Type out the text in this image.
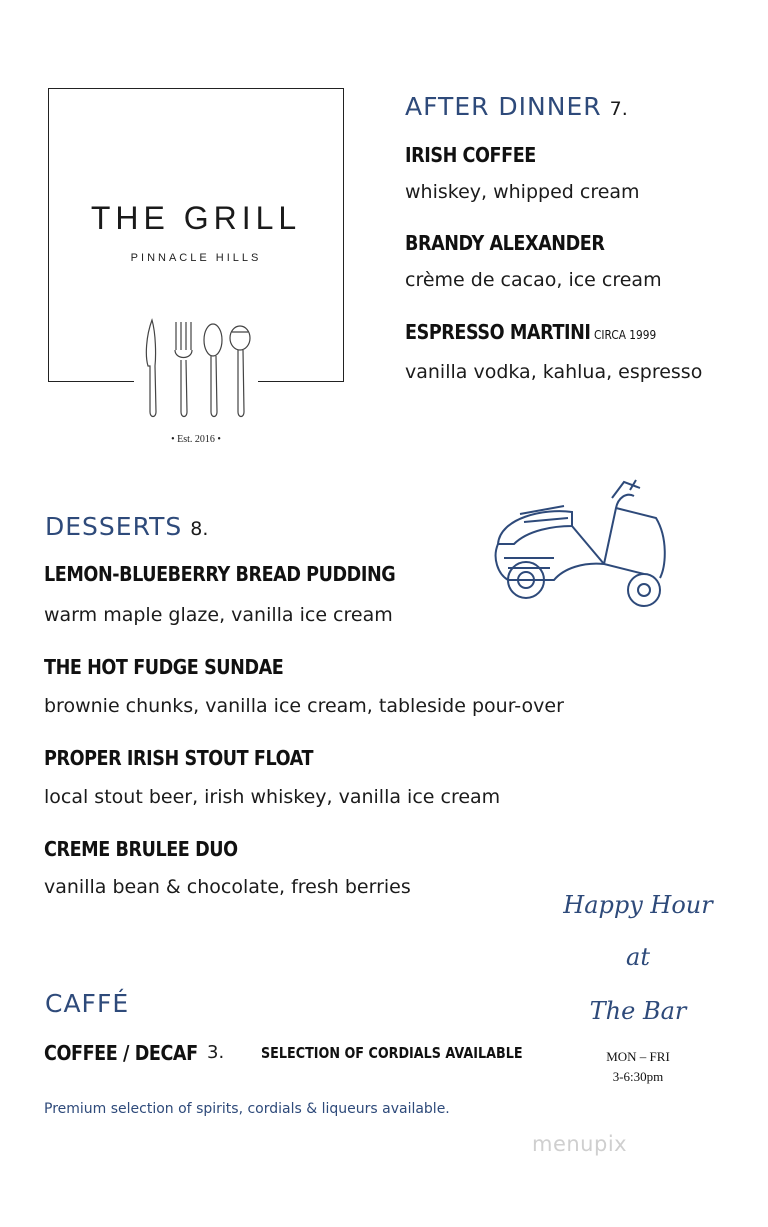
THE GRILL
PINNACLE HILLS
• Est. 2016 •
AFTER DINNER 7.
IRISH COFFEE
whiskey, whipped cream
BRANDY ALEXANDER
crème de cacao, ice cream
ESPRESSO MARTINI CIRCA 1999
vanilla vodka, kahlua, espresso
DESSERTS 8.
LEMON-BLUEBERRY BREAD PUDDING
warm maple glaze, vanilla ice cream
THE HOT FUDGE SUNDAE
brownie chunks, vanilla ice cream, tableside pour-over
PROPER IRISH STOUT FLOAT
local stout beer, irish whiskey, vanilla ice cream
CREME BRULEE DUO
vanilla bean & chocolate, fresh berries
Happy Hour
at
The Bar
MON – FRI
3-6:30pm
CAFFÉ
COFFEE / DECAF 3. SELECTION OF CORDIALS AVAILABLE
Premium selection of spirits, cordials & liqueurs available.
menupix
